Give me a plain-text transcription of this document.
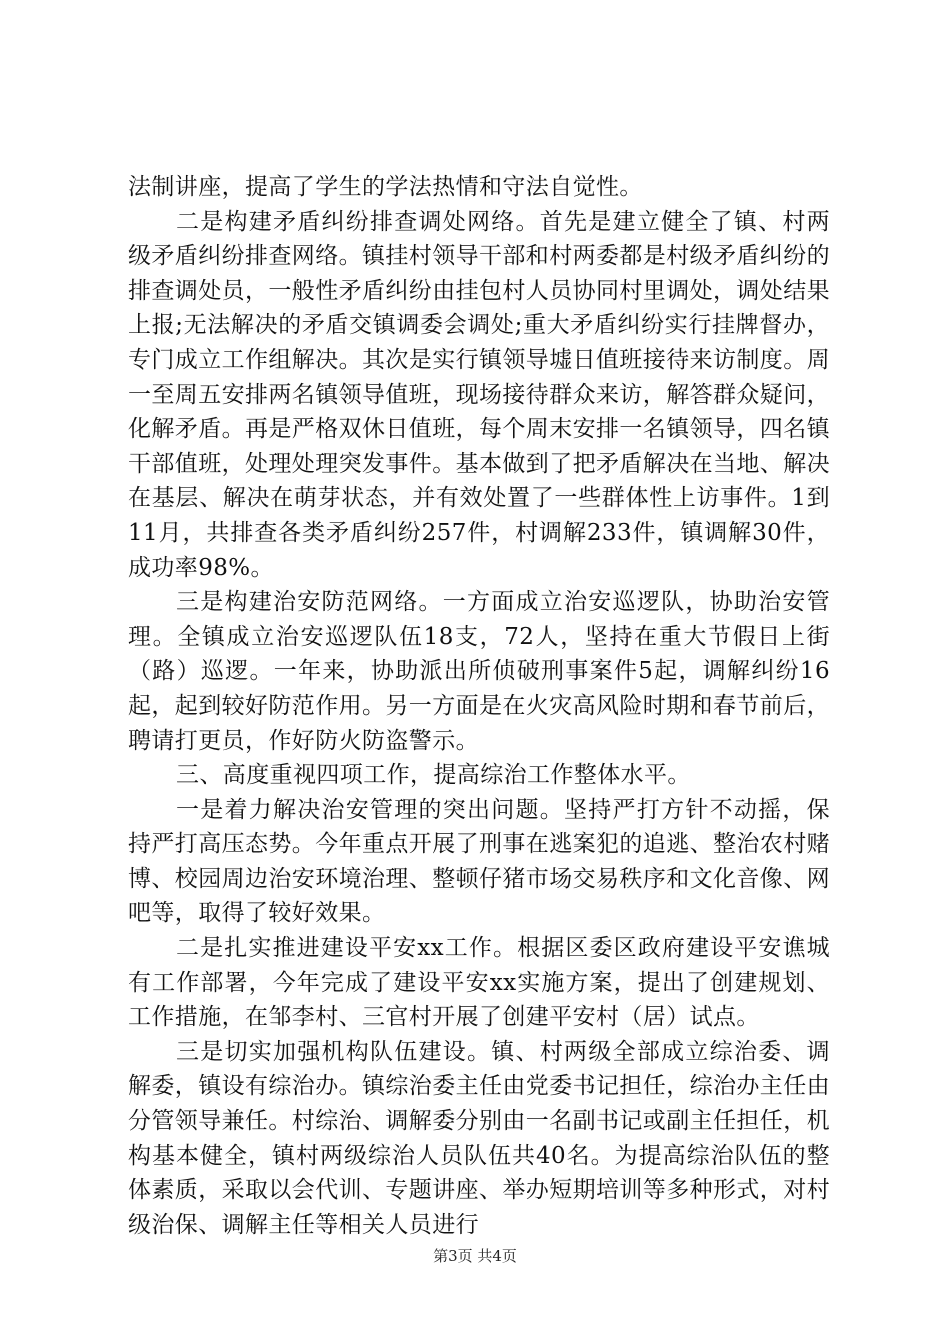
法制讲座，提高了学生的学法热情和守法自觉性。

二是构建矛盾纠纷排查调处网络。首先是建立健全了镇、村两级矛盾纠纷排查网络。镇挂村领导干部和村两委都是村级矛盾纠纷的排查调处员，一般性矛盾纠纷由挂包村人员协同村里调处，调处结果上报;无法解决的矛盾交镇调委会调处;重大矛盾纠纷实行挂牌督办，专门成立工作组解决。其次是实行镇领导墟日值班接待来访制度。周一至周五安排两名镇领导值班，现场接待群众来访，解答群众疑问，化解矛盾。再是严格双休日值班，每个周末安排一名镇领导，四名镇干部值班，处理处理突发事件。基本做到了把矛盾解决在当地、解决在基层、解决在萌芽状态，并有效处置了一些群体性上访事件。1到11月，共排查各类矛盾纠纷257件，村调解233件，镇调解30件，成功率98%。

三是构建治安防范网络。一方面成立治安巡逻队，协助治安管理。全镇成立治安巡逻队伍18支，72人，坚持在重大节假日上街（路）巡逻。一年来，协助派出所侦破刑事案件5起，调解纠纷16起，起到较好防范作用。另一方面是在火灾高风险时期和春节前后，聘请打更员，作好防火防盗警示。

三、高度重视四项工作，提高综治工作整体水平。

一是着力解决治安管理的突出问题。坚持严打方针不动摇，保持严打高压态势。今年重点开展了刑事在逃案犯的追逃、整治农村赌博、校园周边治安环境治理、整顿仔猪市场交易秩序和文化音像、网吧等，取得了较好效果。

二是扎实推进建设平安xx工作。根据区委区政府建设平安谯城有工作部署，今年完成了建设平安xx实施方案，提出了创建规划、工作措施，在邹李村、三官村开展了创建平安村（居）试点。

三是切实加强机构队伍建设。镇、村两级全部成立综治委、调解委，镇设有综治办。镇综治委主任由党委书记担任，综治办主任由分管领导兼任。村综治、调解委分别由一名副书记或副主任担任，机构基本健全，镇村两级综治人员队伍共40名。为提高综治队伍的整体素质，采取以会代训、专题讲座、举办短期培训等多种形式，对村级治保、调解主任等相关人员进行

第3页 共4页
